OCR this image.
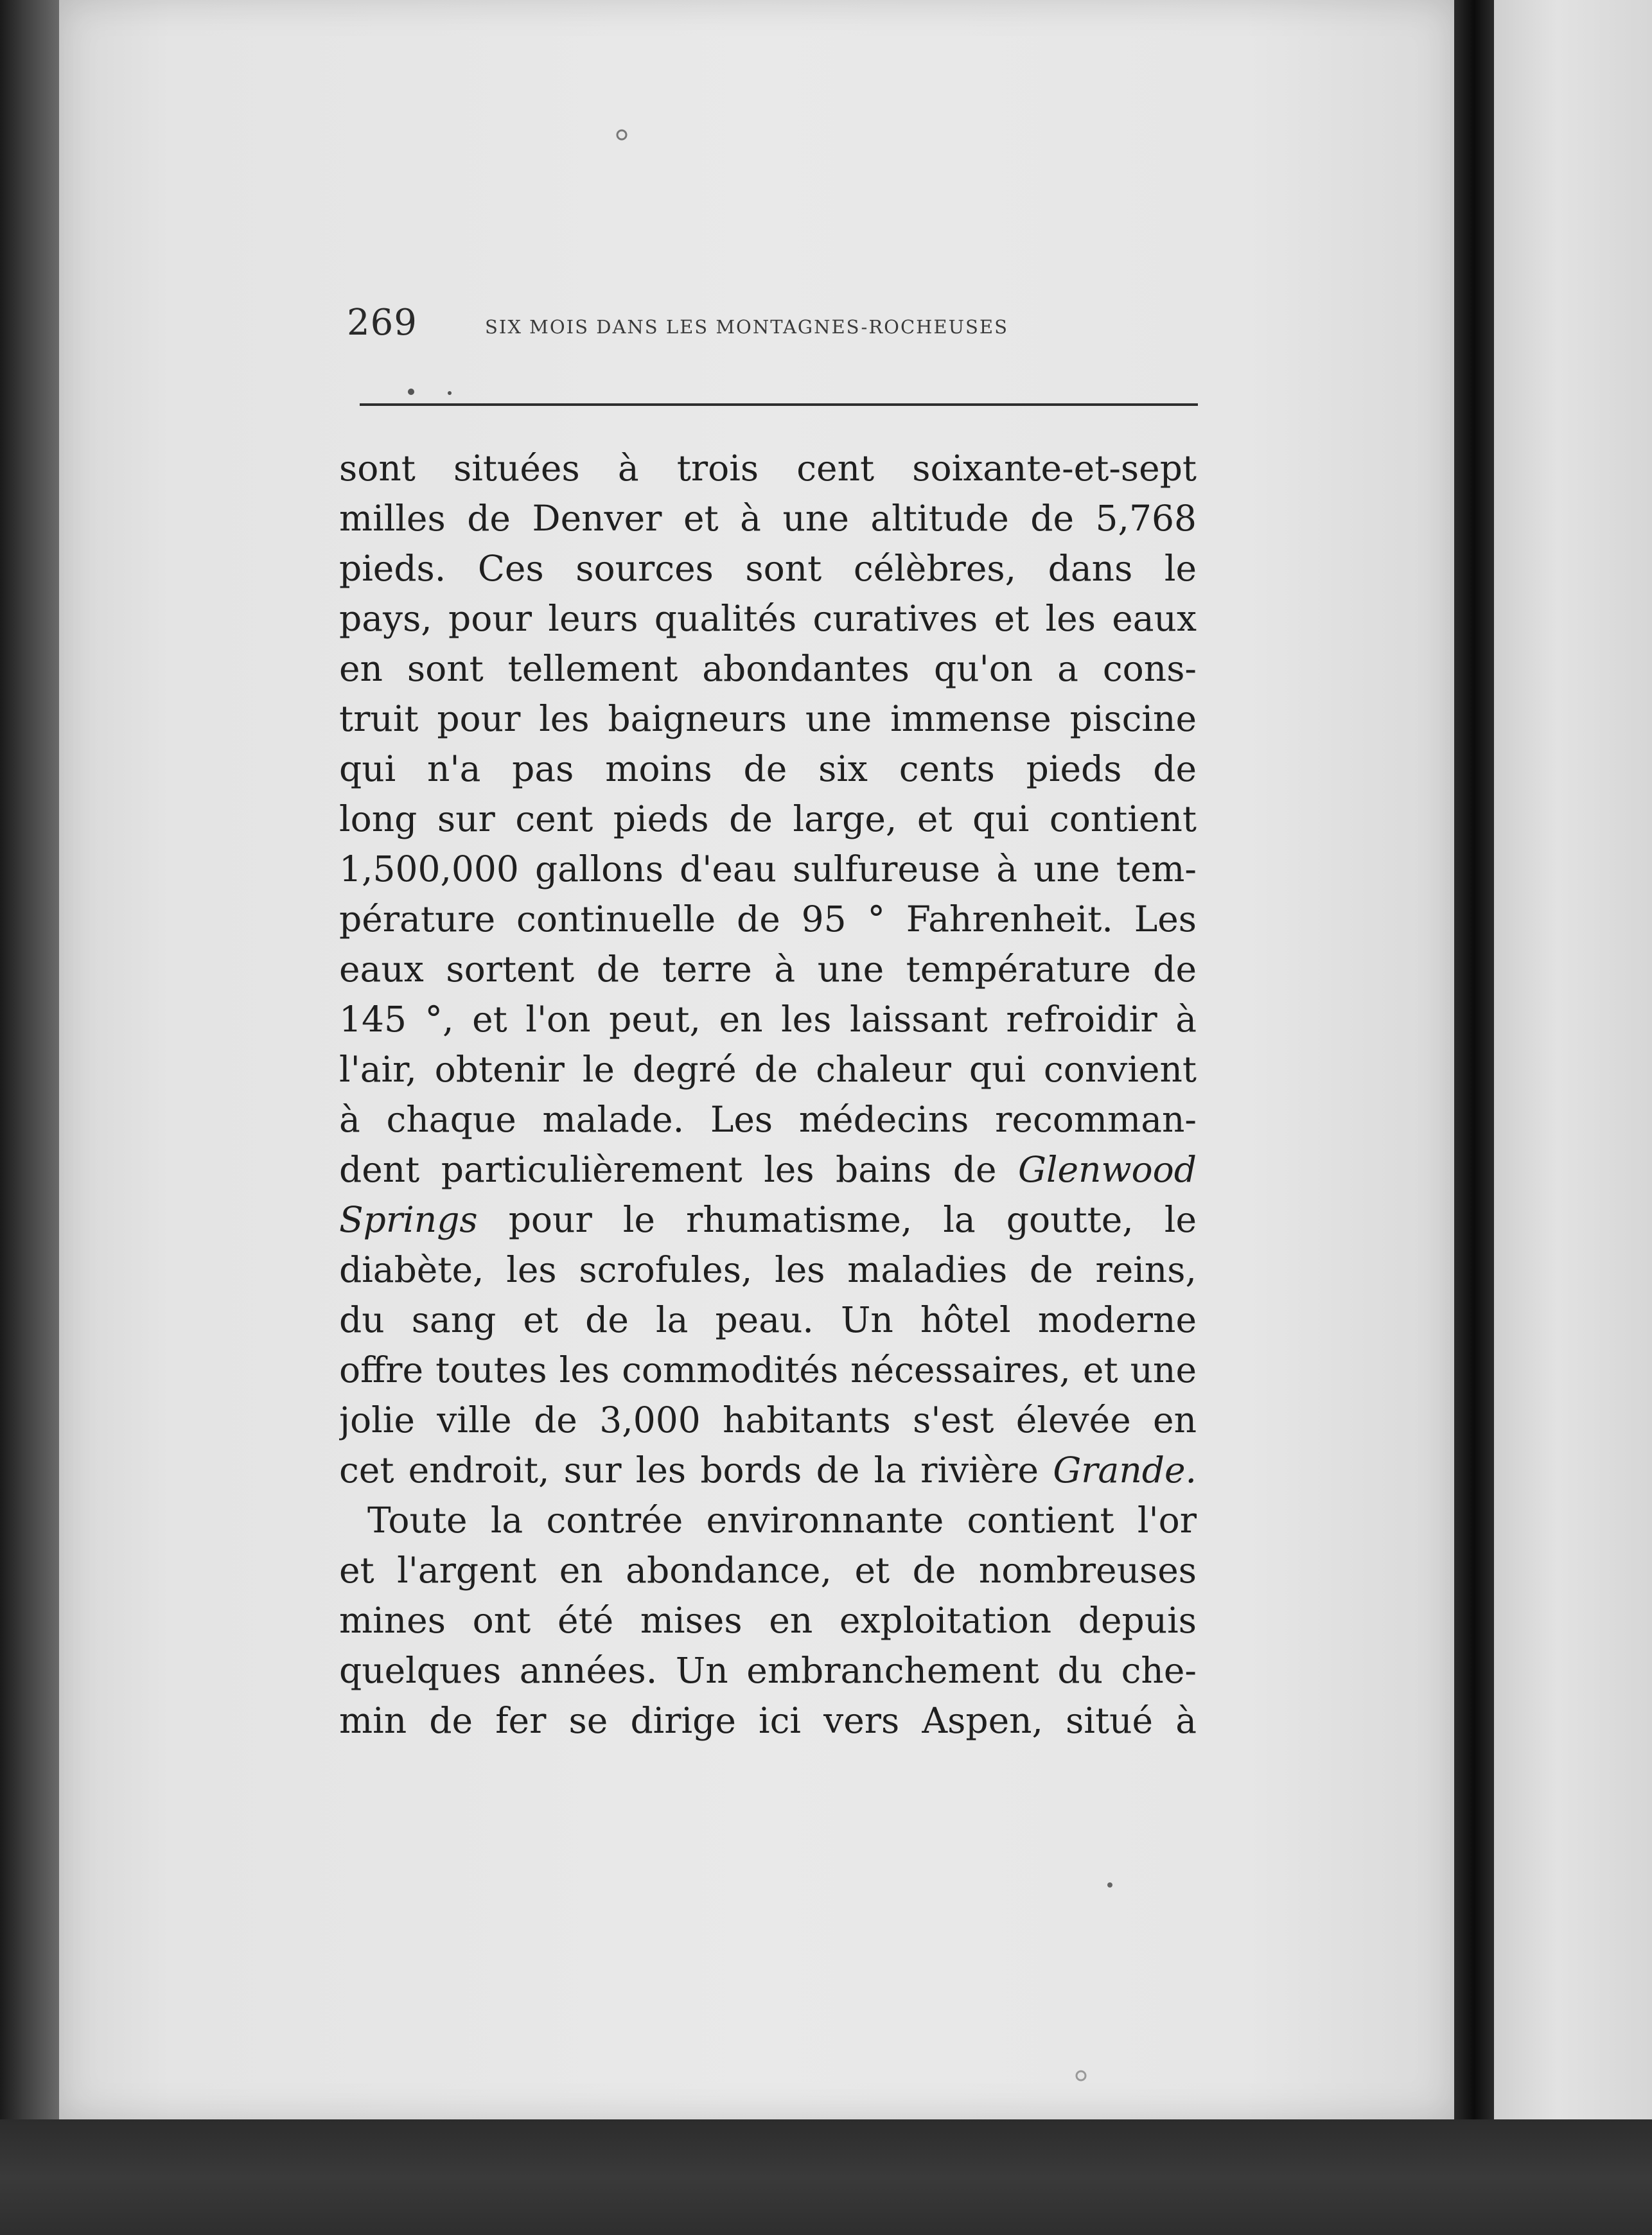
269	SIX MOIS DANS LES MONTAGNES-ROCHEUSES
sont situées à trois cent soixante-et-sept
milles de Denver et à une altitude de 5,768
pieds. Ces sources sont célèbres, dans le
pays, pour leurs qualités curatives et les eaux
en sont tellement abondantes qu'on a cons-
truit pour les baigneurs une immense piscine
qui n'a pas moins de six cents pieds de
long sur cent pieds de large, et qui contient
1,500,000 gallons d'eau sulfureuse à une tem-
pérature continuelle de 95 ° Fahrenheit. Les
eaux sortent de terre à une température de
145 °, et l'on peut, en les laissant refroidir à
l'air, obtenir le degré de chaleur qui convient
à chaque malade. Les médecins recomman-
dent particulièrement les bains de Glenwood
Springs pour le rhumatisme, la goutte, le
diabète, les scrofules, les maladies de reins,
du sang et de la peau. Un hôtel moderne
offre toutes les commodités nécessaires, et une
jolie ville de 3,000 habitants s'est élevée en
cet endroit, sur les bords de la rivière Grande.
Toute la contrée environnante contient l'or
et l'argent en abondance, et de nombreuses
mines ont été mises en exploitation depuis
quelques années. Un embranchement du che-
min de fer se dirige ici vers Aspen, situé à
